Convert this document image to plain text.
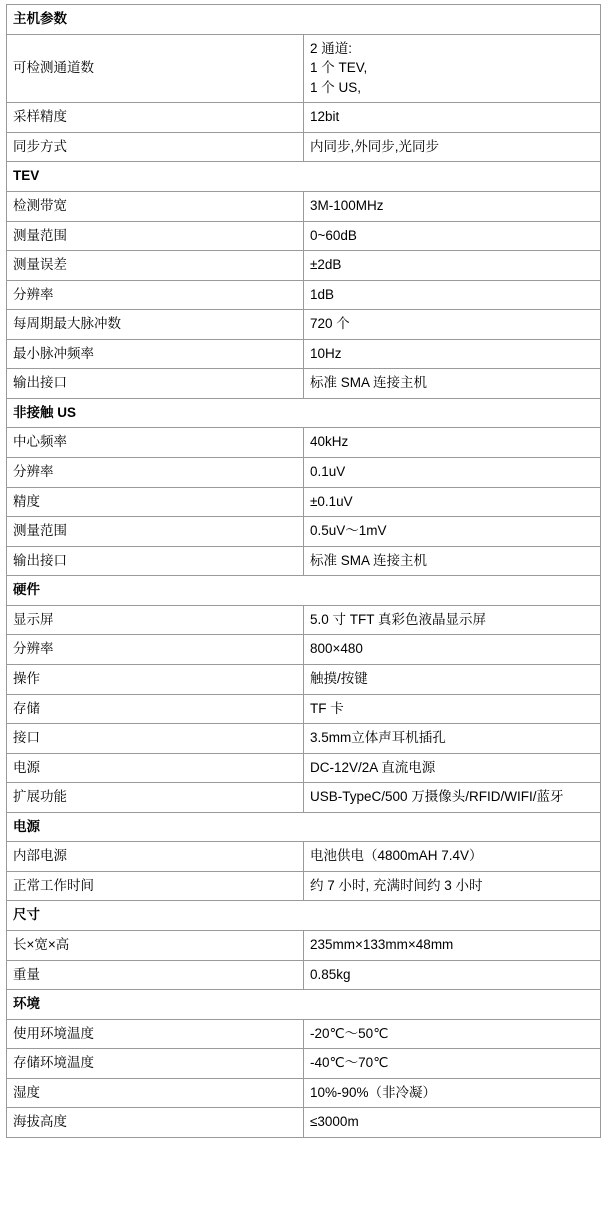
主机参数	
可检测通道数	2 通道:
1 个 TEV,
1 个 US,

采样精度	12bit
同步方式	内同步,外同步,光同步
TEV	
检测带宽	3M-100MHz
测量范围	0~60dB
测量误差	±2dB
分辨率	1dB
每周期最大脉冲数	720 个
最小脉冲频率	10Hz
输出接口	标准 SMA 连接主机
非接触 US	
中心频率	40kHz
分辨率	0.1uV
精度	±0.1uV
测量范围	0.5uV～1mV
输出接口	标准 SMA 连接主机
硬件	
显示屏	5.0 寸 TFT 真彩色液晶显示屏
分辨率	800×480
操作	触摸/按键
存储	TF 卡
接口	3.5mm立体声耳机插孔
电源	DC-12V/2A 直流电源
扩展功能	USB-TypeC/500 万摄像头/RFID/WIFI/蓝牙
电源	
内部电源	电池供电（4800mAH 7.4V）
正常工作时间	约 7 小时, 充满时间约 3 小时
尺寸	
长×宽×高	235mm×133mm×48mm
重量	0.85kg
环境	
使用环境温度	-20℃～50℃
存储环境温度	-40℃～70℃
湿度	10%-90%（非冷凝）
海拔高度	≤3000m
